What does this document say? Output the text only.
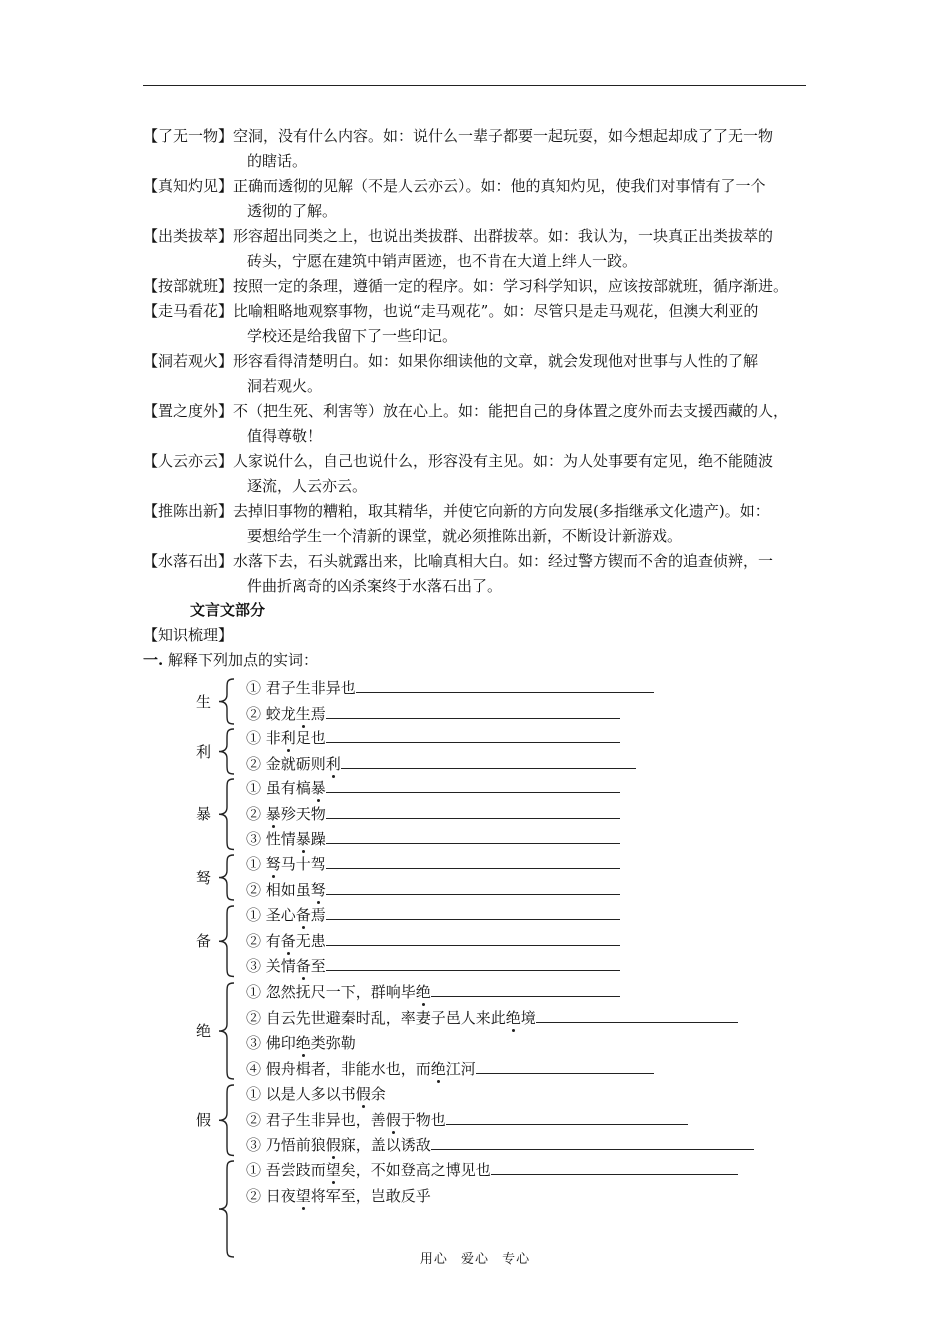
【了无一物】 空洞，没有什么内容。如：说什么一辈子都要一起玩耍，如今想起却成了了无一物
的瞎话。
【真知灼见】 正确而透彻的见解（不是人云亦云）。如：他的真知灼见，使我们对事情有了一个
透彻的了解。
【出类拔萃】 形容超出同类之上，也说出类拔群、出群拔萃。如：我认为，一块真正出类拔萃的
砖头，宁愿在建筑中销声匿迹，也不肯在大道上绊人一跤。
【按部就班】 按照一定的条理，遵循一定的程序。如：学习科学知识，应该按部就班，循序渐进。
【走马看花】 比喻粗略地观察事物，也说“走马观花”。如：尽管只是走马观花，但澳大利亚的
学校还是给我留下了一些印记。
【洞若观火】 形容看得清楚明白。如：如果你细读他的文章，就会发现他对世事与人性的了解
洞若观火。
【置之度外】 不（把生死、利害等）放在心上。如：能把自己的身体置之度外而去支援西藏的人，
值得尊敬！
【人云亦云】 人家说什么，自己也说什么，形容没有主见。如：为人处事要有定见，绝不能随波
逐流，人云亦云。
【推陈出新】 去掉旧事物的糟粕，取其精华，并使它向新的方向发展(多指继承文化遗产)。如：
要想给学生一个清新的课堂，就必须推陈出新，不断设计新游戏。
【水落石出】 水落下去，石头就露出来，比喻真相大白。如：经过警方锲而不舍的追查侦辨，一
件曲折离奇的凶杀案终于水落石出了。
文言文部分
【知识梳理】
一. 解释下列加点的实词：
生
① 君子生非异也
② 蛟龙生焉
利
① 非利足也
② 金就砺则利
暴
① 虽有槁暴
② 暴殄天物
③ 性情暴躁
驽
① 驽马十驾
② 相如虽驽
备
① 圣心备焉
② 有备无患
③ 关情备至
绝
① 忽然抚尺一下，群响毕绝
② 自云先世避秦时乱，率妻子邑人来此绝境
③ 佛印绝类弥勒
④ 假舟楫者，非能水也，而绝江河
假
① 以是人多以书假余
② 君子生非异也，善假于物也
③ 乃悟前狼假寐，盖以诱敌
① 吾尝跂而望矣，不如登高之博见也
② 日夜望将军至，岂敢反乎
用心 爱心 专心
